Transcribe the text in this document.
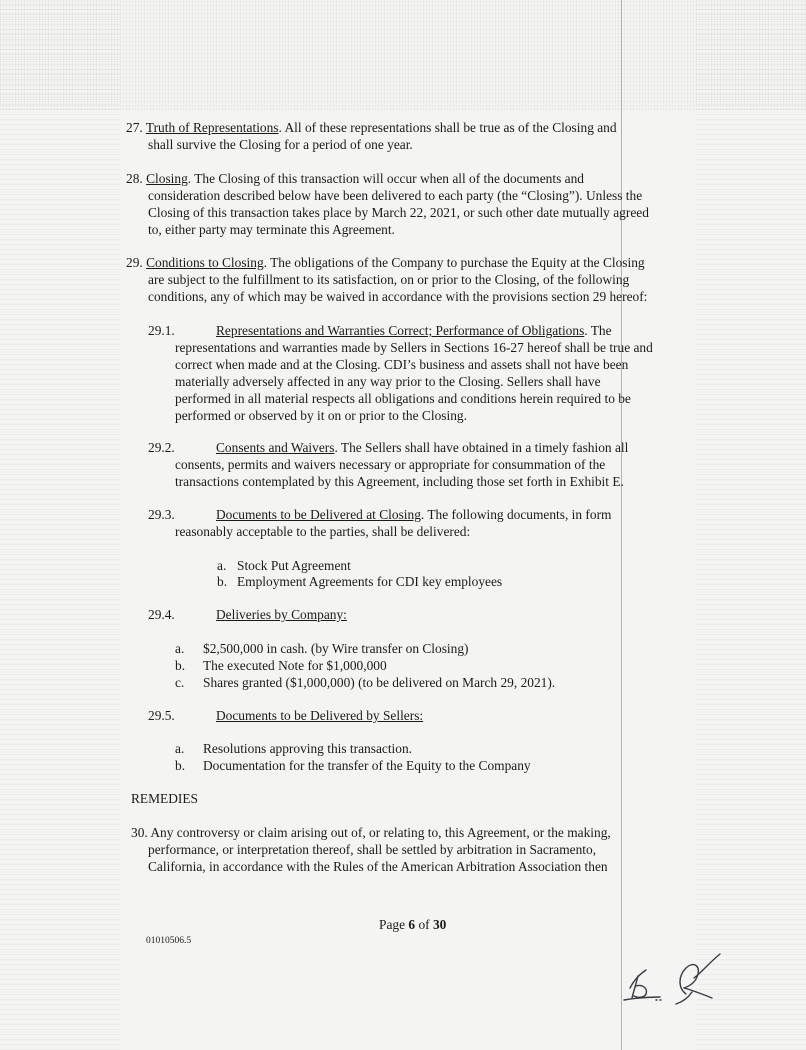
27. Truth of Representations. All of these representations shall be true as of the Closing and
shall survive the Closing for a period of one year.
28. Closing. The Closing of this transaction will occur when all of the documents and
consideration described below have been delivered to each party (the “Closing”). Unless the
Closing of this transaction takes place by March 22, 2021, or such other date mutually agreed
to, either party may terminate this Agreement.
29. Conditions to Closing. The obligations of the Company to purchase the Equity at the Closing
are subject to the fulfillment to its satisfaction, on or prior to the Closing, of the following
conditions, any of which may be waived in accordance with the provisions section 29 hereof:
29.1.	Representations and Warranties Correct; Performance of Obligations. The
representations and warranties made by Sellers in Sections 16-27 hereof shall be true and
correct when made and at the Closing. CDI’s business and assets shall not have been
materially adversely affected in any way prior to the Closing. Sellers shall have
performed in all material respects all obligations and conditions herein required to be
performed or observed by it on or prior to the Closing.
29.2.	Consents and Waivers. The Sellers shall have obtained in a timely fashion all
consents, permits and waivers necessary or appropriate for consummation of the
transactions contemplated by this Agreement, including those set forth in Exhibit E.
29.3.	Documents to be Delivered at Closing. The following documents, in form
reasonably acceptable to the parties, shall be delivered:
a. Stock Put Agreement
b. Employment Agreements for CDI key employees
29.4.	Deliveries by Company:
a. $2,500,000 in cash. (by Wire transfer on Closing)
b. The executed Note for $1,000,000
c. Shares granted ($1,000,000) (to be delivered on March 29, 2021).
29.5.	Documents to be Delivered by Sellers:
a. Resolutions approving this transaction.
b. Documentation for the transfer of the Equity to the Company
REMEDIES
30. Any controversy or claim arising out of, or relating to, this Agreement, or the making,
performance, or interpretation thereof, shall be settled by arbitration in Sacramento,
California, in accordance with the Rules of the American Arbitration Association then
Page 6 of 30
01010506.5
